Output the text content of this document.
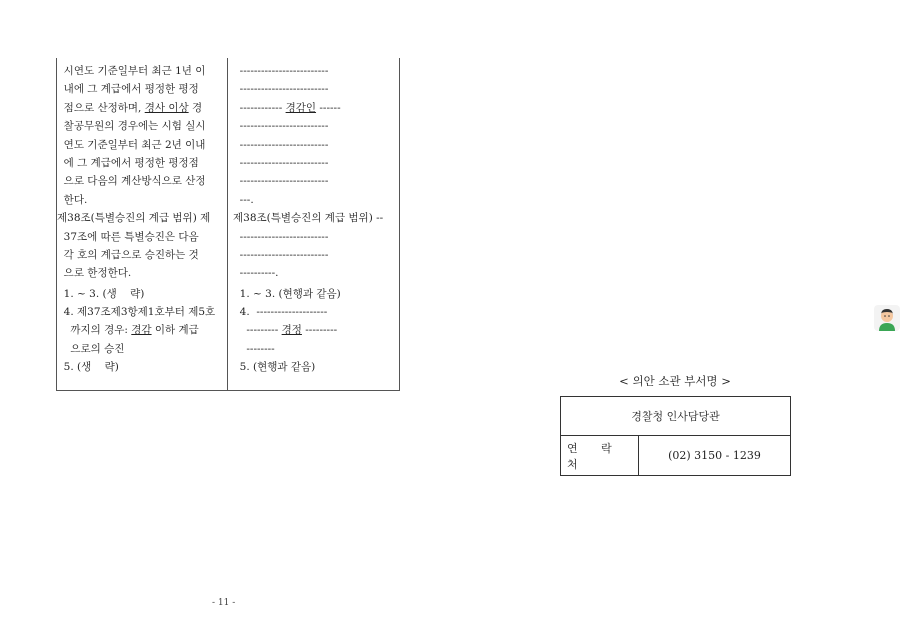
시연도 기준일부터 최근 1년 이
내에 그 계급에서 평정한 평정
점으로 산정하며, 경사 이상 경
찰공무원의 경우에는 시험 실시
연도 기준일부터 최근 2년 이내
에 그 계급에서 평정한 평정점
으로 다음의 계산방식으로 산정
한다.
제38조(특별승진의 계급 범위) 제
37조에 따른 특별승진은 다음
각 호의 계급으로 승진하는 것
으로 한정한다.
1. ~ 3. (생    략)
4. 제37조제3항제1호부터 제5호
까지의 경우: 경감 이하 계급
으로의 승진
5. (생    략)
-------------------------
-------------------------
------------ 경감인 ------
-------------------------
-------------------------
-------------------------
-------------------------
---.
제38조(특별승진의 계급 범위) --
-------------------------
-------------------------
----------.
1. ~ 3. (현행과 같음)
4.  --------------------
--------- 경정 ---------
--------
5. (현행과 같음)
- 11 -
< 의안 소관 부서명 >
경찰청 인사담당관
연 락 처
(02) 3150 - 1239
